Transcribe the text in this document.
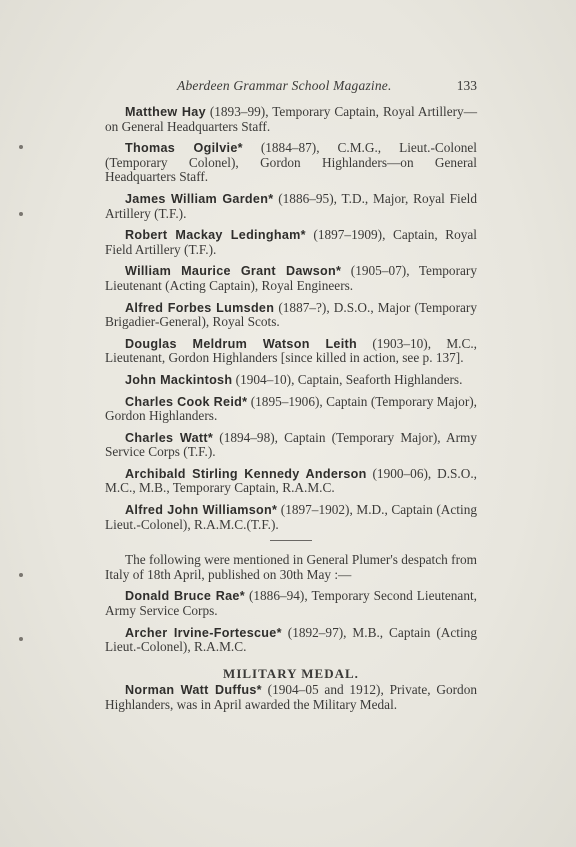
Aberdeen Grammar School Magazine.	133

Matthew Hay (1893–99), Temporary Captain, Royal Artillery—on General Headquarters Staff.

Thomas Ogilvie* (1884–87), C.M.G., Lieut.-Colonel (Temporary Colonel), Gordon Highlanders—on General Headquarters Staff.

James William Garden* (1886–95), T.D., Major, Royal Field Artillery (T.F.).

Robert Mackay Ledingham* (1897–1909), Captain, Royal Field Artillery (T.F.).

William Maurice Grant Dawson* (1905–07), Temporary Lieutenant (Acting Captain), Royal Engineers.

Alfred Forbes Lumsden (1887–?), D.S.O., Major (Temporary Brigadier-General), Royal Scots.

Douglas Meldrum Watson Leith (1903–10), M.C., Lieutenant, Gordon Highlanders [since killed in action, see p. 137].

John Mackintosh (1904–10), Captain, Seaforth Highlanders.

Charles Cook Reid* (1895–1906), Captain (Temporary Major), Gordon Highlanders.

Charles Watt* (1894–98), Captain (Temporary Major), Army Service Corps (T.F.).

Archibald Stirling Kennedy Anderson (1900–06), D.S.O., M.C., M.B., Temporary Captain, R.A.M.C.

Alfred John Williamson* (1897–1902), M.D., Captain (Acting Lieut.-Colonel), R.A.M.C.(T.F.).

The following were mentioned in General Plumer's despatch from Italy of 18th April, published on 30th May :—

Donald Bruce Rae* (1886–94), Temporary Second Lieutenant, Army Service Corps.

Archer Irvine-Fortescue* (1892–97), M.B., Captain (Acting Lieut.-Colonel), R.A.M.C.

MILITARY MEDAL.

Norman Watt Duffus* (1904–05 and 1912), Private, Gordon Highlanders, was in April awarded the Military Medal.
